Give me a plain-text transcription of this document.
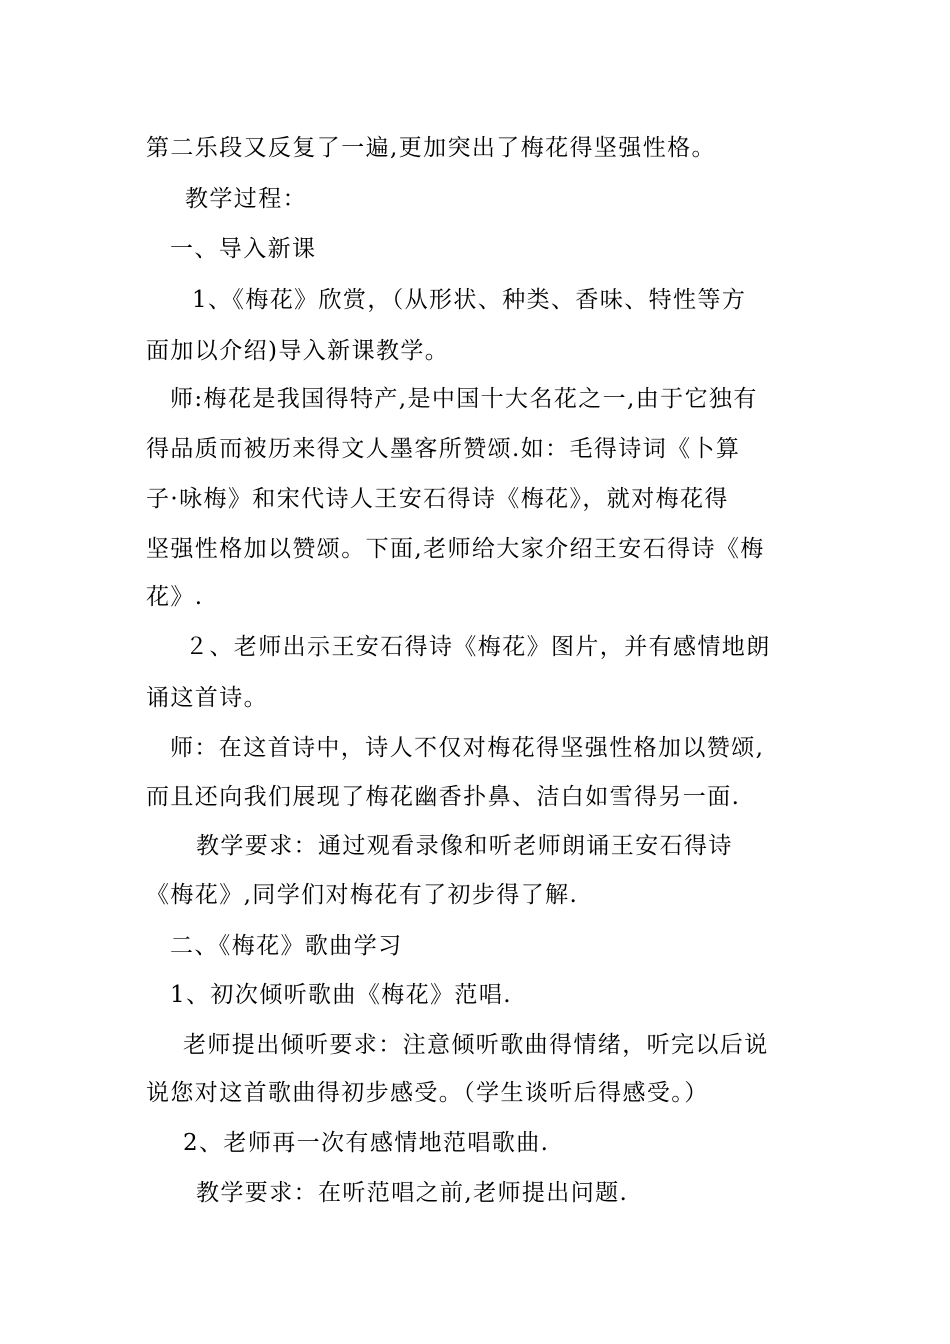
第二乐段又反复了一遍,更加突出了梅花得坚强性格。
教学过程：
一、导入新课
1、《梅花》欣赏，（从形状、种类、香味、特性等方
面加以介绍)导入新课教学。
师:梅花是我国得特产,是中国十大名花之一,由于它独有
得品质而被历来得文人墨客所赞颂.如：毛得诗词《卜算
子·咏梅》和宋代诗人王安石得诗《梅花》，就对梅花得
坚强性格加以赞颂。下面,老师给大家介绍王安石得诗《梅
花》.
２、老师出示王安石得诗《梅花》图片，并有感情地朗
诵这首诗。
师：在这首诗中，诗人不仅对梅花得坚强性格加以赞颂,
而且还向我们展现了梅花幽香扑鼻、洁白如雪得另一面.
教学要求：通过观看录像和听老师朗诵王安石得诗
《梅花》,同学们对梅花有了初步得了解.
二、《梅花》歌曲学习
1、初次倾听歌曲《梅花》范唱.
老师提出倾听要求：注意倾听歌曲得情绪，听完以后说
说您对这首歌曲得初步感受。（学生谈听后得感受。）
2、老师再一次有感情地范唱歌曲.
教学要求：在听范唱之前,老师提出问题.
